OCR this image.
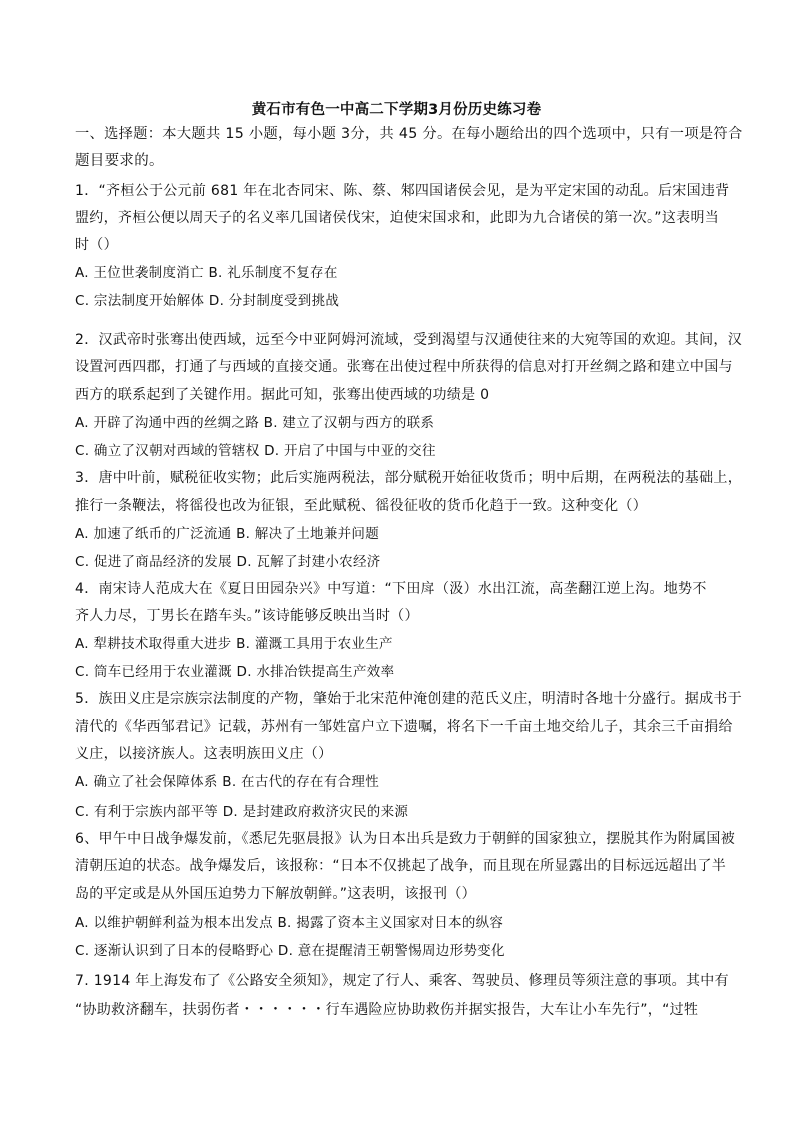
黄石市有色一中高二下学期3月份历史练习卷
一、选择题：本大题共 15 小题，每小题 3分，共 45 分。在每小题给出的四个选项中，只有一项是符合
题目要求的。
1．“齐桓公于公元前 681 年在北杏同宋、陈、蔡、邾四国诸侯会见，是为平定宋国的动乱。后宋国违背
盟约，齐桓公便以周天子的名义率几国诸侯伐宋，迫使宋国求和，此即为九合诸侯的第一次。”这表明当
时（）
A. 王位世袭制度消亡 B. 礼乐制度不复存在
C. 宗法制度开始解体 D. 分封制度受到挑战
2．汉武帝时张骞出使西域，远至今中亚阿姆河流域，受到渴望与汉通使往来的大宛等国的欢迎。其间，汉
设置河西四郡，打通了与西域的直接交通。张骞在出使过程中所获得的信息对打开丝绸之路和建立中国与
西方的联系起到了关键作用。据此可知，张骞出使西域的功绩是 0
A. 开辟了沟通中西的丝绸之路 B. 建立了汉朝与西方的联系
C. 确立了汉朝对西域的管辖权 D. 开启了中国与中亚的交往
3．唐中叶前，赋税征收实物；此后实施两税法，部分赋税开始征收货币；明中后期，在两税法的基础上，
推行一条鞭法，将徭役也改为征银，至此赋税、徭役征收的货币化趋于一致。这种变化（）
A. 加速了纸币的广泛流通 B. 解决了土地兼并问题
C. 促进了商品经济的发展 D. 瓦解了封建小农经济
4．南宋诗人范成大在《夏日田园杂兴》中写道：“下田戽（汲）水出江流，高垄翻江逆上沟。地势不
齐人力尽，丁男长在踏车头。”该诗能够反映出当时（）
A. 犁耕技术取得重大进步 B. 灌溉工具用于农业生产
C. 筒车已经用于农业灌溉 D. 水排冶铁提高生产效率
5．族田义庄是宗族宗法制度的产物，肇始于北宋范仲淹创建的范氏义庄，明清时各地十分盛行。据成书于
清代的《华西邹君记》记载，苏州有一邹姓富户立下遗嘱，将名下一千亩土地交给儿子，其余三千亩捐给
义庄，以接济族人。这表明族田义庄（）
A. 确立了社会保障体系 B. 在古代的存在有合理性
C. 有利于宗族内部平等 D. 是封建政府救济灾民的来源
6、甲午中日战争爆发前，《悉尼先驱晨报》认为日本出兵是致力于朝鲜的国家独立，摆脱其作为附属国被
清朝压迫的状态。战争爆发后，该报称：“日本不仅挑起了战争，而且现在所显露出的目标远远超出了半
岛的平定或是从外国压迫势力下解放朝鲜。”这表明，该报刊（）
A. 以维护朝鲜利益为根本出发点 B. 揭露了资本主义国家对日本的纵容
C. 逐渐认识到了日本的侵略野心 D. 意在提醒清王朝警惕周边形势变化
7. 1914 年上海发布了《公路安全须知》，规定了行人、乘客、驾驶员、修理员等须注意的事项。其中有
“协助救济翻车，扶弱伤者・・・・・・行车遇险应协助救伤并据实报告，大车让小车先行”，“过牲
